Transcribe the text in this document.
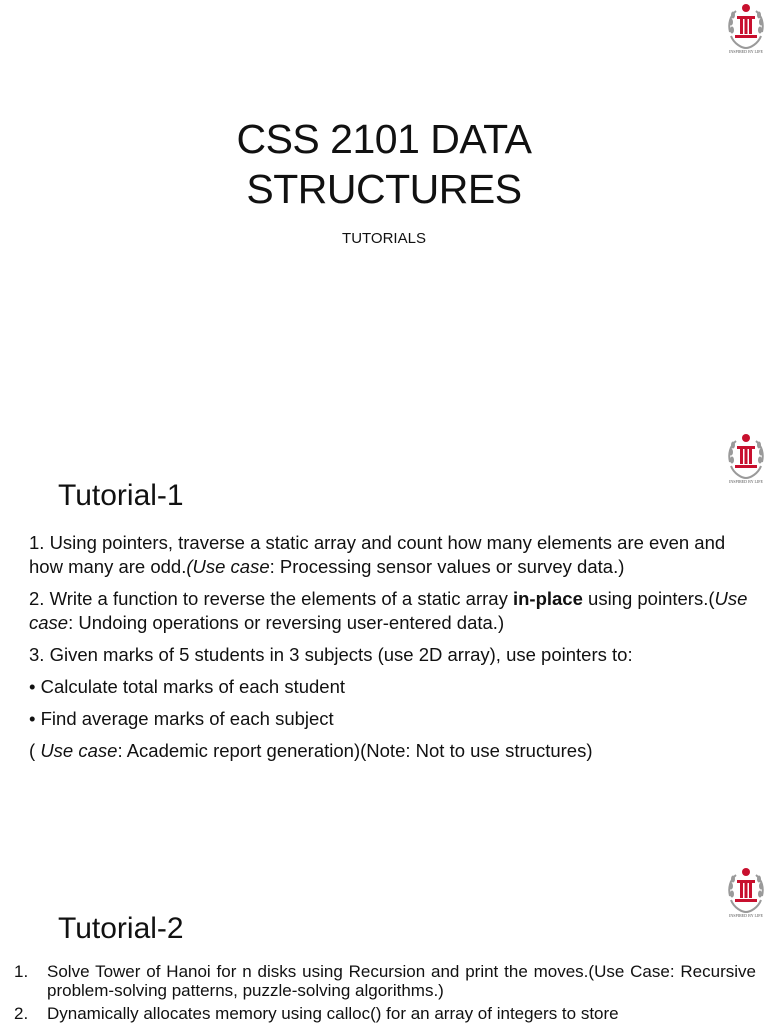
CSS 2101 DATA
STRUCTURES
TUTORIALS
Tutorial-1

1. Using pointers, traverse a static array and count how many elements are even and how many are odd.(Use case: Processing sensor values or survey data.)

2. Write a function to reverse the elements of a static array in-place using pointers.(Use case: Undoing operations or reversing user-entered data.)

3. Given marks of 5 students in 3 subjects (use 2D array), use pointers to:

• Calculate total marks of each student

• Find average marks of each subject

( Use case: Academic report generation)(Note: Not to use structures)

Tutorial-2
1.	Solve Tower of Hanoi for n disks using Recursion and print the moves.(Use Case: Recursive problem-solving patterns, puzzle-solving algorithms.)
2.	Dynamically allocates memory using calloc() for an array of integers to store
